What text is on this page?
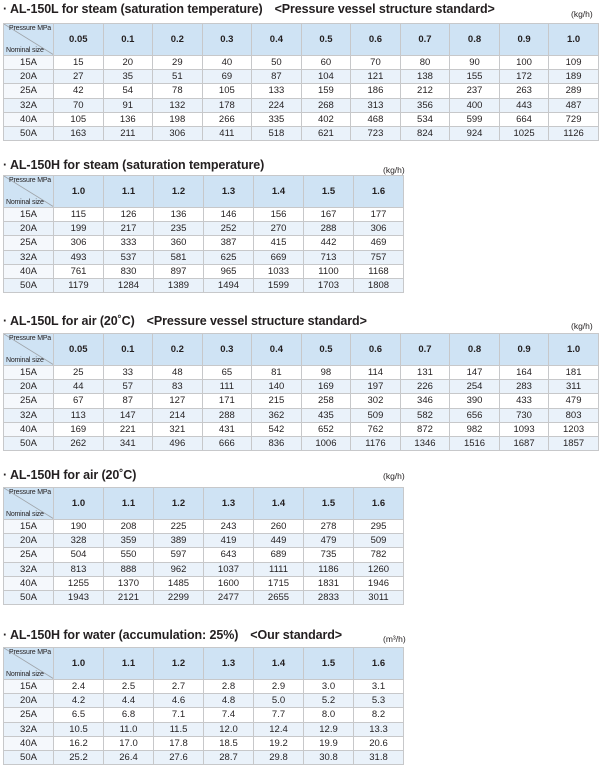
· AL-150L for steam (saturation temperature) <Pressure vessel structure standard>	(kg/h)
Pressure MPa
Nominal size	0.05	0.1	0.2	0.3	0.4	0.5	0.6	0.7	0.8	0.9	1.0
15A	15	20	29	40	50	60	70	80	90	100	109
20A	27	35	51	69	87	104	121	138	155	172	189
25A	42	54	78	105	133	159	186	212	237	263	289
32A	70	91	132	178	224	268	313	356	400	443	487
40A	105	136	198	266	335	402	468	534	599	664	729
50A	163	211	306	411	518	621	723	824	924	1025	1126
· AL-150H for steam (saturation temperature)	(kg/h)
Pressure MPa
Nominal size	1.0	1.1	1.2	1.3	1.4	1.5	1.6
15A	115	126	136	146	156	167	177
20A	199	217	235	252	270	288	306
25A	306	333	360	387	415	442	469
32A	493	537	581	625	669	713	757
40A	761	830	897	965	1033	1100	1168
50A	1179	1284	1389	1494	1599	1703	1808
· AL-150L for air (20˚C) <Pressure vessel structure standard>	(kg/h)
Pressure MPa
Nominal size	0.05	0.1	0.2	0.3	0.4	0.5	0.6	0.7	0.8	0.9	1.0
15A	25	33	48	65	81	98	114	131	147	164	181
20A	44	57	83	111	140	169	197	226	254	283	311
25A	67	87	127	171	215	258	302	346	390	433	479
32A	113	147	214	288	362	435	509	582	656	730	803
40A	169	221	321	431	542	652	762	872	982	1093	1203
50A	262	341	496	666	836	1006	1176	1346	1516	1687	1857
· AL-150H for air (20˚C)	(kg/h)
Pressure MPa
Nominal size	1.0	1.1	1.2	1.3	1.4	1.5	1.6
15A	190	208	225	243	260	278	295
20A	328	359	389	419	449	479	509
25A	504	550	597	643	689	735	782
32A	813	888	962	1037	1111	1186	1260
40A	1255	1370	1485	1600	1715	1831	1946
50A	1943	2121	2299	2477	2655	2833	3011
· AL-150H for water (accumulation: 25%) <Our standard>	(m³/h)
Pressure MPa
Nominal size	1.0	1.1	1.2	1.3	1.4	1.5	1.6
15A	2.4	2.5	2.7	2.8	2.9	3.0	3.1
20A	4.2	4.4	4.6	4.8	5.0	5.2	5.3
25A	6.5	6.8	7.1	7.4	7.7	8.0	8.2
32A	10.5	11.0	11.5	12.0	12.4	12.9	13.3
40A	16.2	17.0	17.8	18.5	19.2	19.9	20.6
50A	25.2	26.4	27.6	28.7	29.8	30.8	31.8
